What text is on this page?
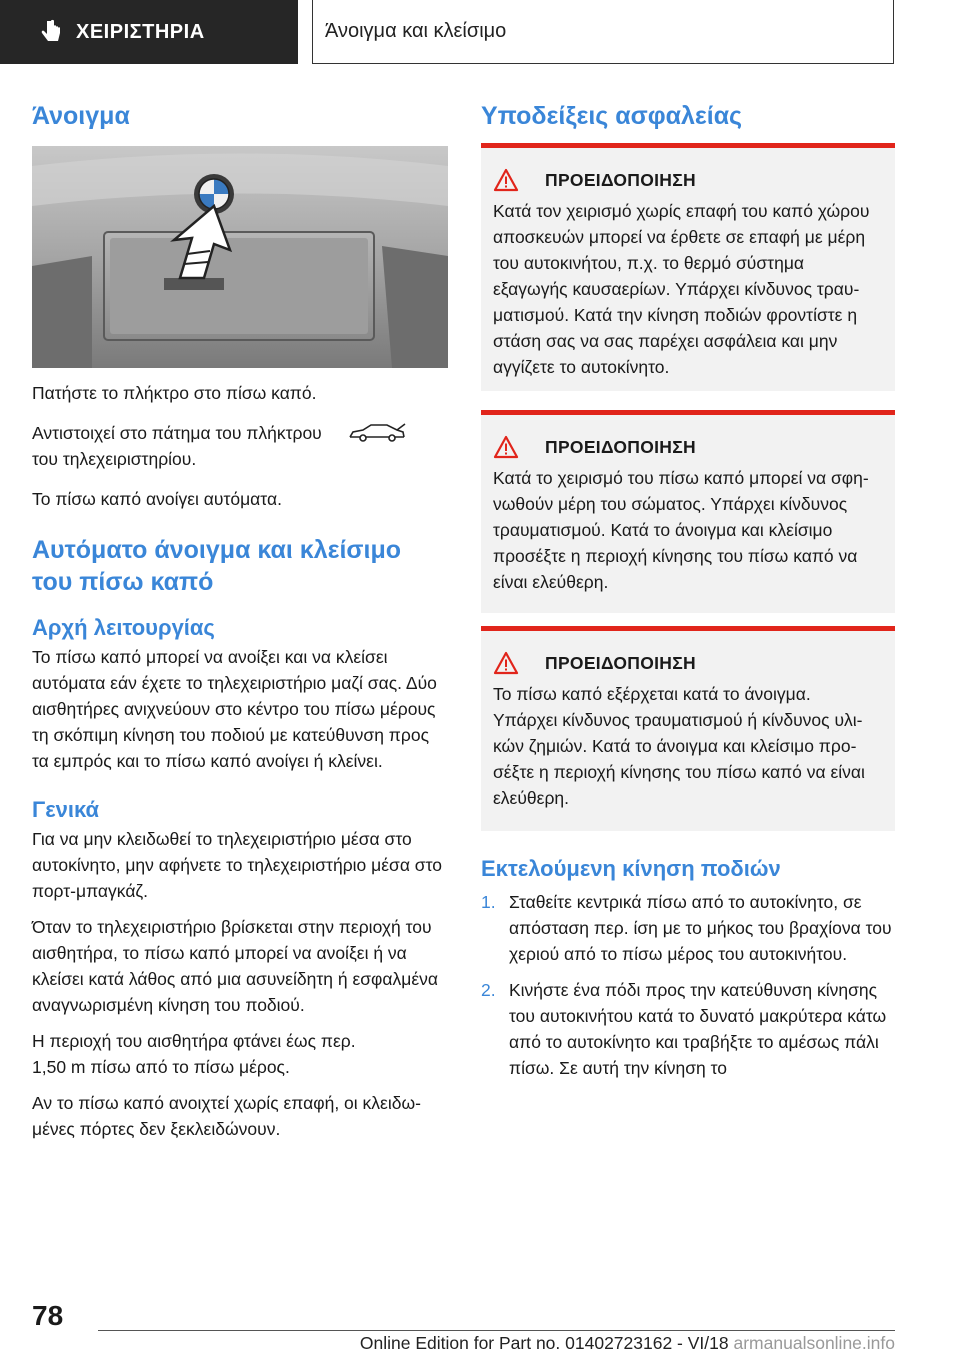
ΧΕΙΡΙΣΤΗΡΙΑ	Άνοιγμα και κλείσιμο
Άνοιγμα

Πατήστε το πλήκτρο στο πίσω καπό.

Αντιστοιχεί στο πάτημα του πλήκτρου  του τηλεχειριστηρίου.

Το πίσω καπό ανοίγει αυτόματα.

Αυτόματο άνοιγμα και κλείσιμο του πίσω καπό
Αρχή λειτουργίας

Το πίσω καπό μπορεί να ανοίξει και να κλείσει αυτόματα εάν έχετε το τηλεχειριστήριο μαζί σας. Δύο αισθητήρες ανιχνεύουν στο κέντρο του πίσω μέρους τη σκόπιμη κίνηση του ποδιού με κατεύθυνση προς τα εμπρός και το πίσω καπό ανοίγει ή κλείνει.

Γενικά

Για να μην κλειδωθεί το τηλεχειριστήριο μέσα στο αυτοκίνητο, μην αφήνετε το τηλεχειριστήριο μέσα στο πορτ-μπαγκάζ.

Όταν το τηλεχειριστήριο βρίσκεται στην περιοχή του αισθητήρα, το πίσω καπό μπορεί να ανοίξει ή να κλείσει κατά λάθος από μια ασυνείδητη ή εσφαλμένα αναγνωρισμένη κίνηση του ποδιού.

Η περιοχή του αισθητήρα φτάνει έως περ.
1,50 m πίσω από το πίσω μέρος.

Αν το πίσω καπό ανοιχτεί χωρίς επαφή, οι κλειδωμένες πόρτες δεν ξεκλειδώνουν.

Υποδείξεις ασφαλείας
ΠΡΟΕΙΔΟΠΟΙΗΣΗ

Κατά τον χειρισμό χωρίς επαφή του καπό χώρου αποσκευών μπορεί να έρθετε σε επαφή με μέρη του αυτοκινήτου, π.χ. το θερμό σύστημα εξαγωγής καυσαερίων. Υπάρχει κίνδυνος τραυματισμού. Κατά την κίνηση ποδιών φροντίστε η στάση σας να σας παρέχει ασφάλεια και μην αγγίζετε το αυτοκίνητο.

ΠΡΟΕΙΔΟΠΟΙΗΣΗ

Κατά το χειρισμό του πίσω καπό μπορεί να σφηνωθούν μέρη του σώματος. Υπάρχει κίνδυνος τραυματισμού. Κατά το άνοιγμα και κλείσιμο προσέξτε η περιοχή κίνησης του πίσω καπό να είναι ελεύθερη.

ΠΡΟΕΙΔΟΠΟΙΗΣΗ

Το πίσω καπό εξέρχεται κατά το άνοιγμα. Υπάρχει κίνδυνος τραυματισμού ή κίνδυνος υλικών ζημιών. Κατά το άνοιγμα και κλείσιμο προσέξτε η περιοχή κίνησης του πίσω καπό να είναι ελεύθερη.

Εκτελούμενη κίνηση ποδιών
1. Σταθείτε κεντρικά πίσω από το αυτοκίνητο, σε απόσταση περ. ίση με το μήκος του βραχίονα του χεριού από το πίσω μέρος του αυτοκινήτου.
2. Κινήστε ένα πόδι προς την κατεύθυνση κίνησης του αυτοκινήτου κατά το δυνατό μακρύτερα κάτω από το αυτοκίνητο και τραβήξτε το αμέσως πάλι πίσω. Σε αυτή την κίνηση το
78
Online Edition for Part no. 01402723162 - VI/18 armanualsonline.info
